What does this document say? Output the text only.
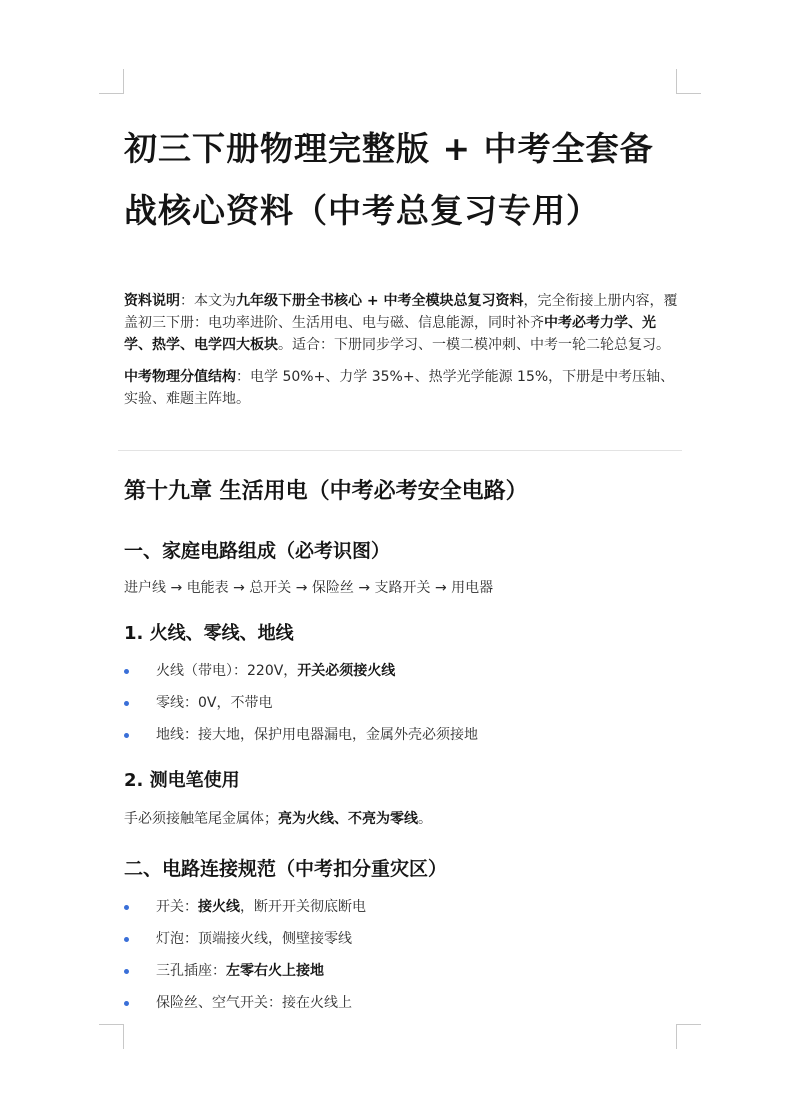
初三下册物理完整版 + 中考全套备
战核心资料（中考总复习专用）

资料说明：本文为九年级下册全书核心 + 中考全模块总复习资料，完全衔接上册内容，覆盖初三下册：电功率进阶、生活用电、电与磁、信息能源，同时补齐中考必考力学、光学、热学、电学四大板块。适合：下册同步学习、一模二模冲刺、中考一轮二轮总复习。

中考物理分值结构：电学 50%+、力学 35%+、热学光学能源 15%，下册是中考压轴、实验、难题主阵地。

第十九章 生活用电（中考必考安全电路）
一、家庭电路组成（必考识图）

进户线 → 电能表 → 总开关 → 保险丝 → 支路开关 → 用电器

1. 火线、零线、地线
火线（带电）：220V，开关必须接火线
零线：0V，不带电
地线：接大地，保护用电器漏电，金属外壳必须接地
2. 测电笔使用

手必须接触笔尾金属体；亮为火线、不亮为零线。

二、电路连接规范（中考扣分重灾区）
开关：接火线，断开开关彻底断电
灯泡：顶端接火线，侧壁接零线
三孔插座：左零右火上接地
保险丝、空气开关：接在火线上
